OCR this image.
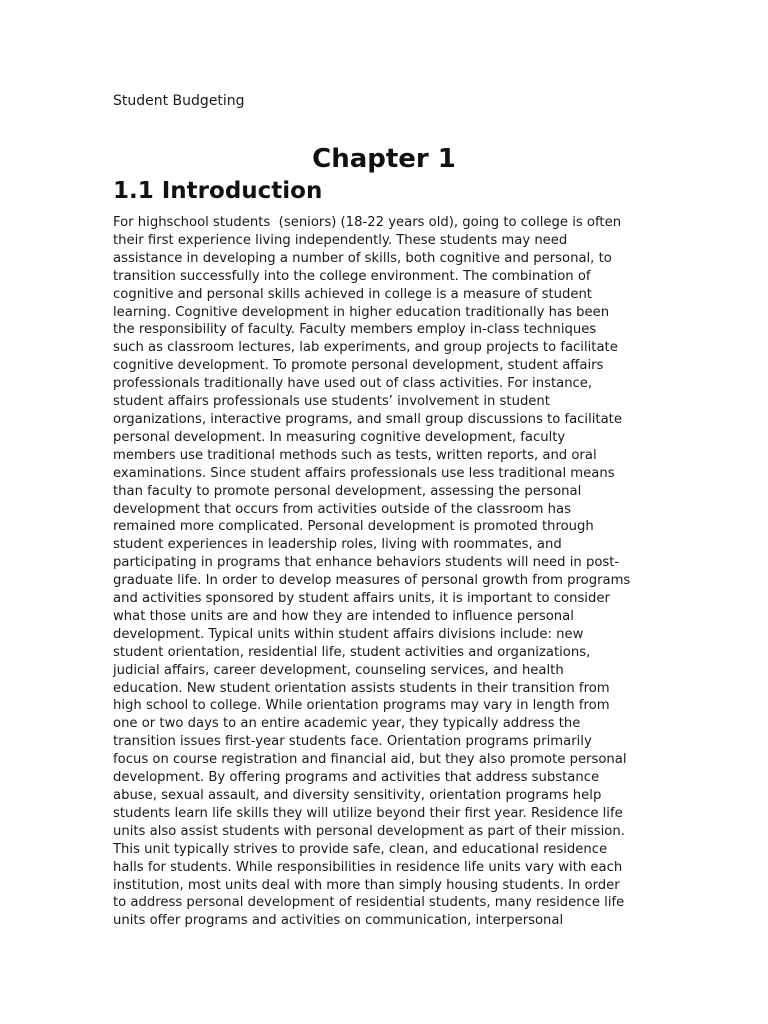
Student Budgeting
Chapter 1
1.1 Introduction
For highschool students  (seniors) (18-22 years old), going to college is often
their first experience living independently. These students may need
assistance in developing a number of skills, both cognitive and personal, to
transition successfully into the college environment. The combination of
cognitive and personal skills achieved in college is a measure of student
learning. Cognitive development in higher education traditionally has been
the responsibility of faculty. Faculty members employ in-class techniques
such as classroom lectures, lab experiments, and group projects to facilitate
cognitive development. To promote personal development, student affairs
professionals traditionally have used out of class activities. For instance,
student affairs professionals use students’ involvement in student
organizations, interactive programs, and small group discussions to facilitate
personal development. In measuring cognitive development, faculty
members use traditional methods such as tests, written reports, and oral
examinations. Since student affairs professionals use less traditional means
than faculty to promote personal development, assessing the personal
development that occurs from activities outside of the classroom has
remained more complicated. Personal development is promoted through
student experiences in leadership roles, living with roommates, and
participating in programs that enhance behaviors students will need in post-
graduate life. In order to develop measures of personal growth from programs
and activities sponsored by student affairs units, it is important to consider
what those units are and how they are intended to influence personal
development. Typical units within student affairs divisions include: new
student orientation, residential life, student activities and organizations,
judicial affairs, career development, counseling services, and health
education. New student orientation assists students in their transition from
high school to college. While orientation programs may vary in length from
one or two days to an entire academic year, they typically address the
transition issues first-year students face. Orientation programs primarily
focus on course registration and financial aid, but they also promote personal
development. By offering programs and activities that address substance
abuse, sexual assault, and diversity sensitivity, orientation programs help
students learn life skills they will utilize beyond their first year. Residence life
units also assist students with personal development as part of their mission.
This unit typically strives to provide safe, clean, and educational residence
halls for students. While responsibilities in residence life units vary with each
institution, most units deal with more than simply housing students. In order
to address personal development of residential students, many residence life
units offer programs and activities on communication, interpersonal
